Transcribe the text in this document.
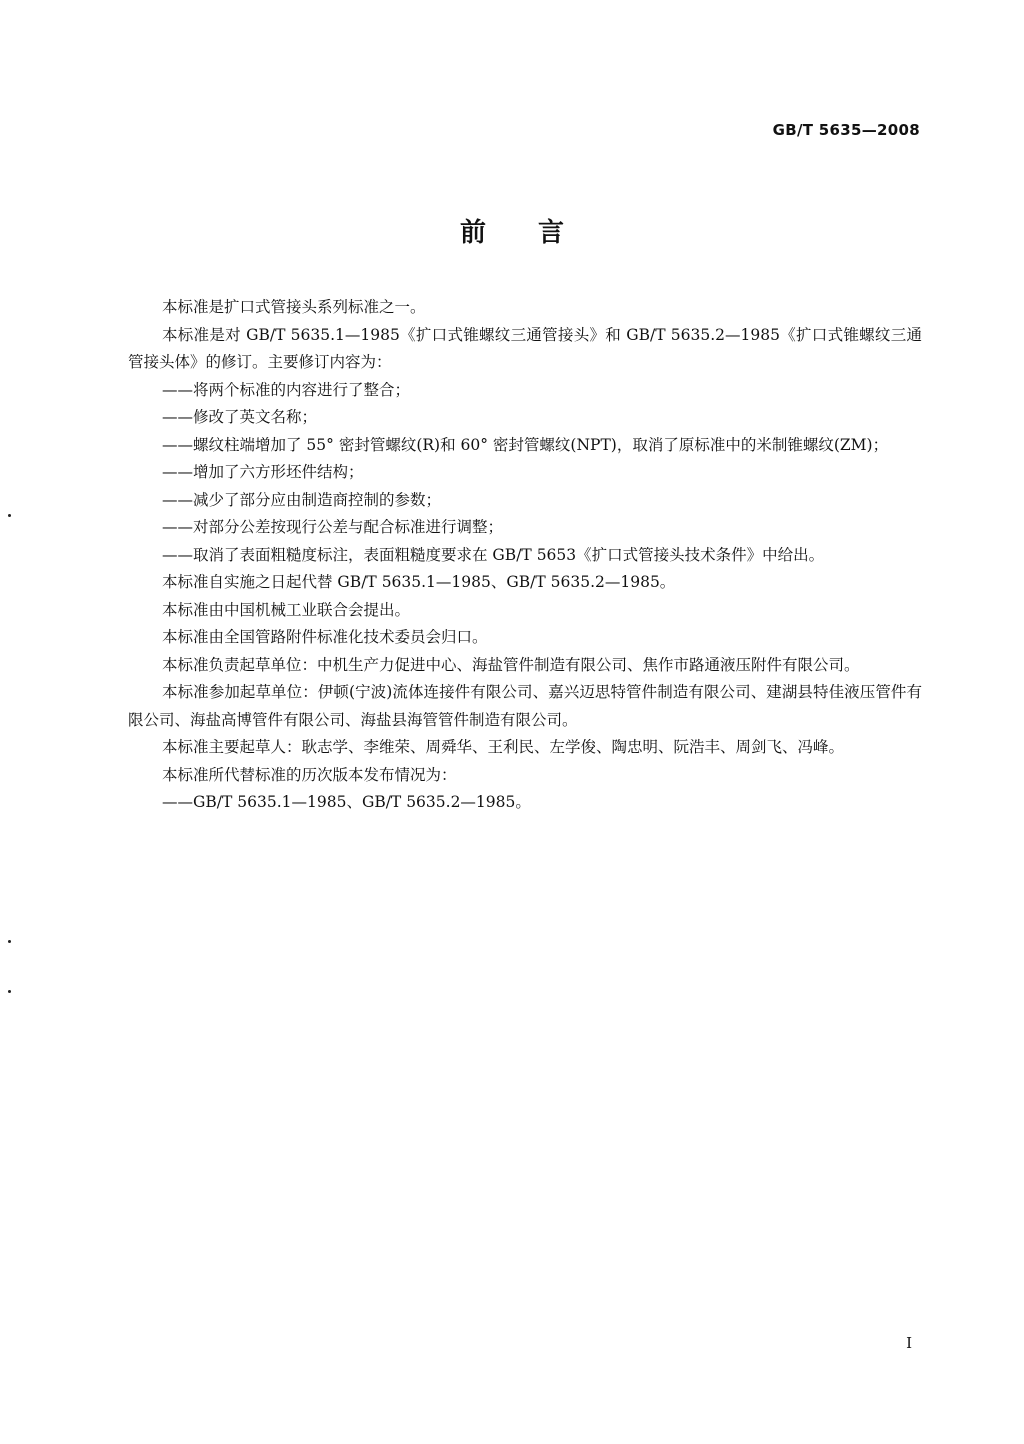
GB/T 5635—2008
前言

本标准是扩口式管接头系列标准之一。

本标准是对 GB/T 5635.1—1985《扩口式锥螺纹三通管接头》和 GB/T 5635.2—1985《扩口式锥螺纹三通管接头体》的修订。主要修订内容为：

——将两个标准的内容进行了整合；

——修改了英文名称；

——螺纹柱端增加了 55° 密封管螺纹(R)和 60° 密封管螺纹(NPT)，取消了原标准中的米制锥螺纹(ZM)；

——增加了六方形坯件结构；

——减少了部分应由制造商控制的参数；

——对部分公差按现行公差与配合标准进行调整；

——取消了表面粗糙度标注，表面粗糙度要求在 GB/T 5653《扩口式管接头技术条件》中给出。

本标准自实施之日起代替 GB/T 5635.1—1985、GB/T 5635.2—1985。

本标准由中国机械工业联合会提出。

本标准由全国管路附件标准化技术委员会归口。

本标准负责起草单位：中机生产力促进中心、海盐管件制造有限公司、焦作市路通液压附件有限公司。

本标准参加起草单位：伊顿(宁波)流体连接件有限公司、嘉兴迈思特管件制造有限公司、建湖县特佳液压管件有限公司、海盐高博管件有限公司、海盐县海管管件制造有限公司。

本标准主要起草人：耿志学、李维荣、周舜华、王利民、左学俊、陶忠明、阮浩丰、周剑飞、冯峰。

本标准所代替标准的历次版本发布情况为：

——GB/T 5635.1—1985、GB/T 5635.2—1985。

I
